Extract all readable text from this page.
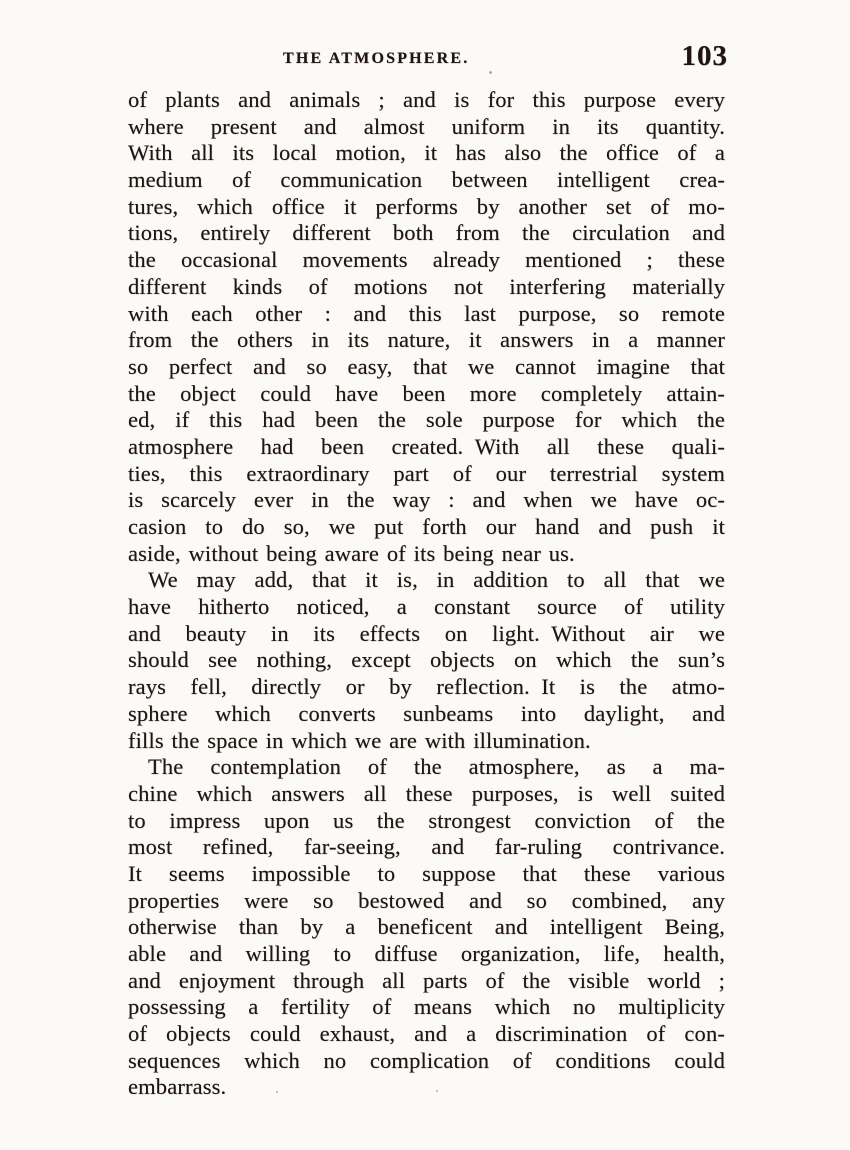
THE ATMOSPHERE.	103
of plants and animals ; and is for this purpose every
where present and almost uniform in its quantity.
With all its local motion, it has also the office of a
medium of communication between intelligent crea-
tures, which office it performs by another set of mo-
tions, entirely different both from the circulation and
the occasional movements already mentioned ; these
different kinds of motions not interfering materially
with each other : and this last purpose, so remote
from the others in its nature, it answers in a manner
so perfect and so easy, that we cannot imagine that
the object could have been more completely attain-
ed, if this had been the sole purpose for which the
atmosphere had been created. With all these quali-
ties, this extraordinary part of our terrestrial system
is scarcely ever in the way : and when we have oc-
casion to do so, we put forth our hand and push it
aside, without being aware of its being near us.
We may add, that it is, in addition to all that we
have hitherto noticed, a constant source of utility
and beauty in its effects on light. Without air we
should see nothing, except objects on which the sun’s
rays fell, directly or by reflection. It is the atmo-
sphere which converts sunbeams into daylight, and
fills the space in which we are with illumination.
The contemplation of the atmosphere, as a ma-
chine which answers all these purposes, is well suited
to impress upon us the strongest conviction of the
most refined, far-seeing, and far-ruling contrivance.
It seems impossible to suppose that these various
properties were so bestowed and so combined, any
otherwise than by a beneficent and intelligent Being,
able and willing to diffuse organization, life, health,
and enjoyment through all parts of the visible world ;
possessing a fertility of means which no multiplicity
of objects could exhaust, and a discrimination of con-
sequences which no complication of conditions could
embarrass.
